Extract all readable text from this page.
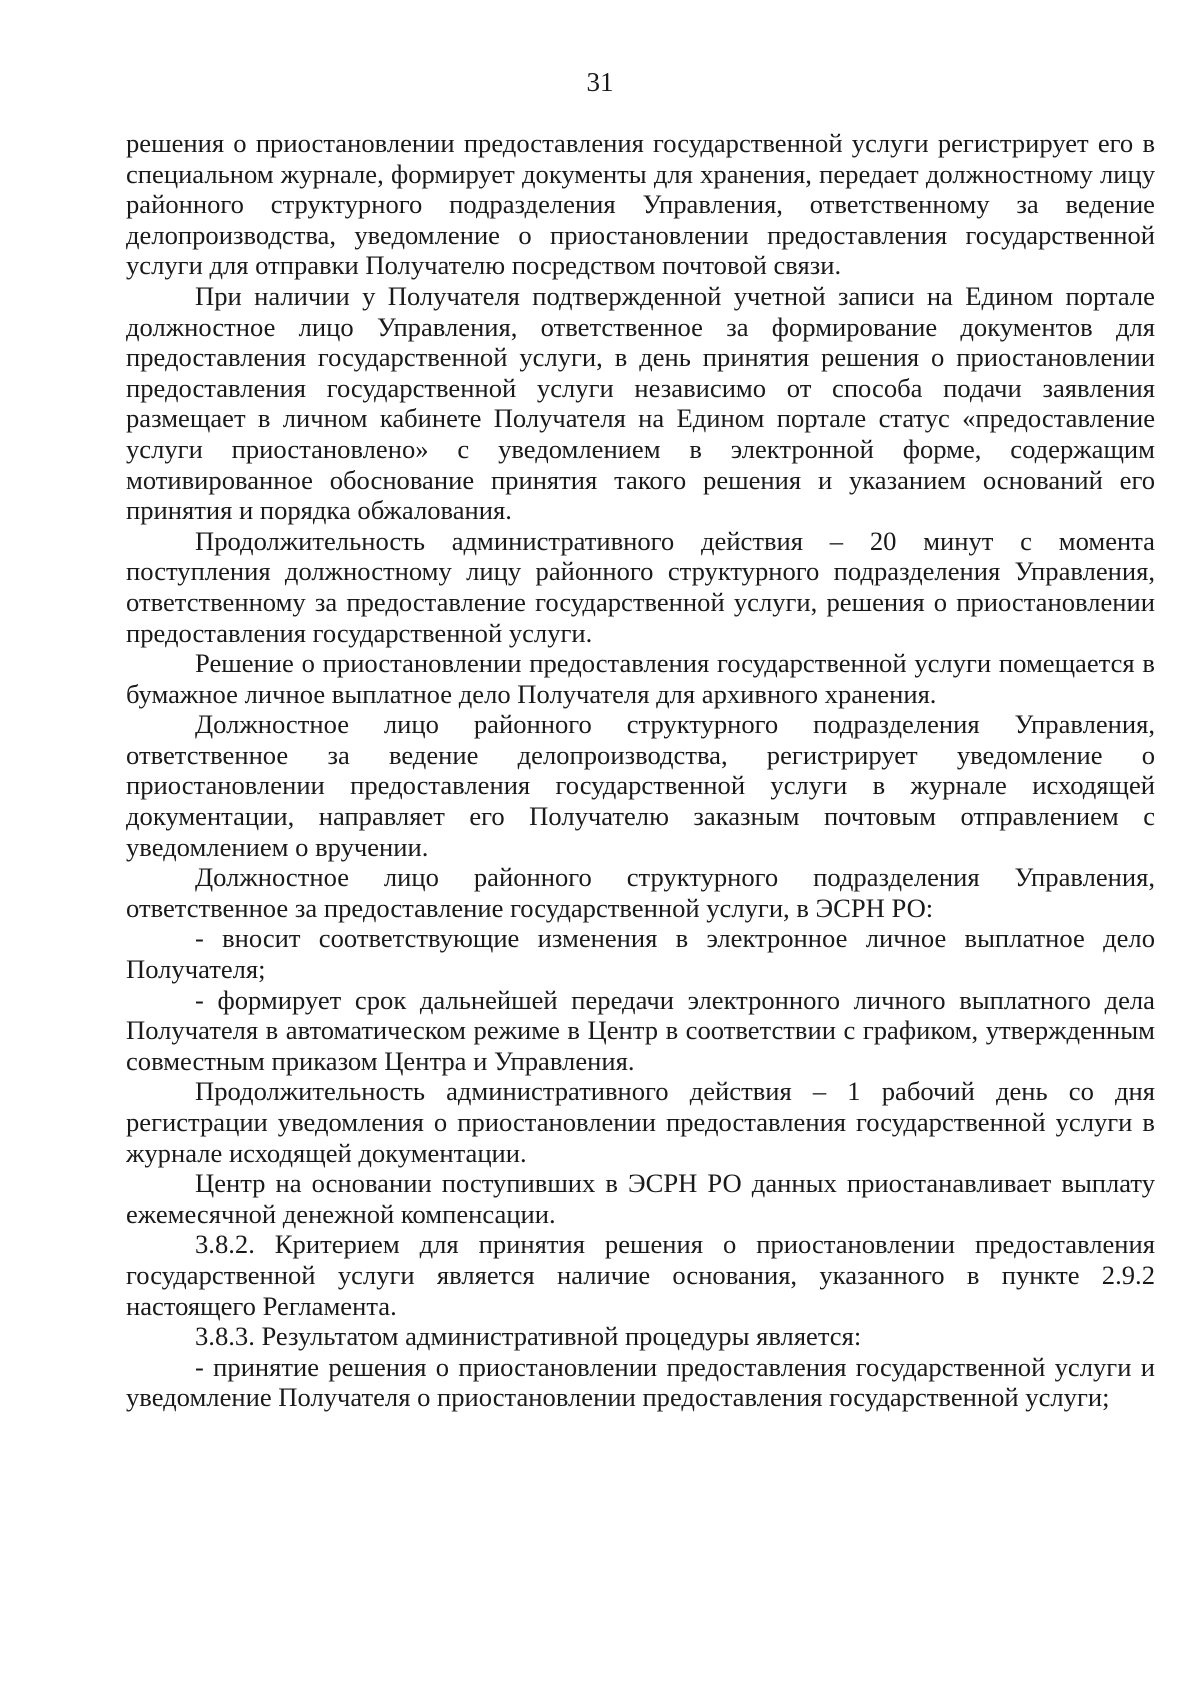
31

решения о приостановлении предоставления государственной услуги регистрирует его в специальном журнале, формирует документы для хранения, передает должностному лицу районного структурного подразделения Управления, ответственному за ведение делопроизводства, уведомление о приостановлении предоставления государственной услуги для отправки Получателю посредством почтовой связи.

При наличии у Получателя подтвержденной учетной записи на Едином портале должностное лицо Управления, ответственное за формирование документов для предоставления государственной услуги, в день принятия решения о приостановлении предоставления государственной услуги независимо от способа подачи заявления размещает в личном кабинете Получателя на Едином портале статус «предоставление услуги приостановлено» с уведомлением в электронной форме, содержащим мотивированное обоснование принятия такого решения и указанием оснований его принятия и порядка обжалования.

Продолжительность административного действия – 20 минут с момента поступления должностному лицу районного структурного подразделения Управления, ответственному за предоставление государственной услуги, решения о приостановлении предоставления государственной услуги.

Решение о приостановлении предоставления государственной услуги помещается в бумажное личное выплатное дело Получателя для архивного хранения.

Должностное лицо районного структурного подразделения Управления, ответственное за ведение делопроизводства, регистрирует уведомление о приостановлении предоставления государственной услуги в журнале исходящей документации, направляет его Получателю заказным почтовым отправлением с уведомлением о вручении.

Должностное лицо районного структурного подразделения Управления, ответственное за предоставление государственной услуги, в ЭСРН РО:

- вносит соответствующие изменения в электронное личное выплатное дело Получателя;

- формирует срок дальнейшей передачи электронного личного выплатного дела Получателя в автоматическом режиме в Центр в соответствии с графиком, утвержденным совместным приказом Центра и Управления.

Продолжительность административного действия – 1 рабочий день со дня регистрации уведомления о приостановлении предоставления государственной услуги в журнале исходящей документации.

Центр на основании поступивших в ЭСРН РО данных приостанавливает выплату ежемесячной денежной компенсации.

3.8.2. Критерием для принятия решения о приостановлении предоставления государственной услуги является наличие основания, указанного в пункте 2.9.2 настоящего Регламента.

3.8.3. Результатом административной процедуры является:

- принятие решения о приостановлении предоставления государственной услуги и уведомление Получателя о приостановлении предоставления государственной услуги;
